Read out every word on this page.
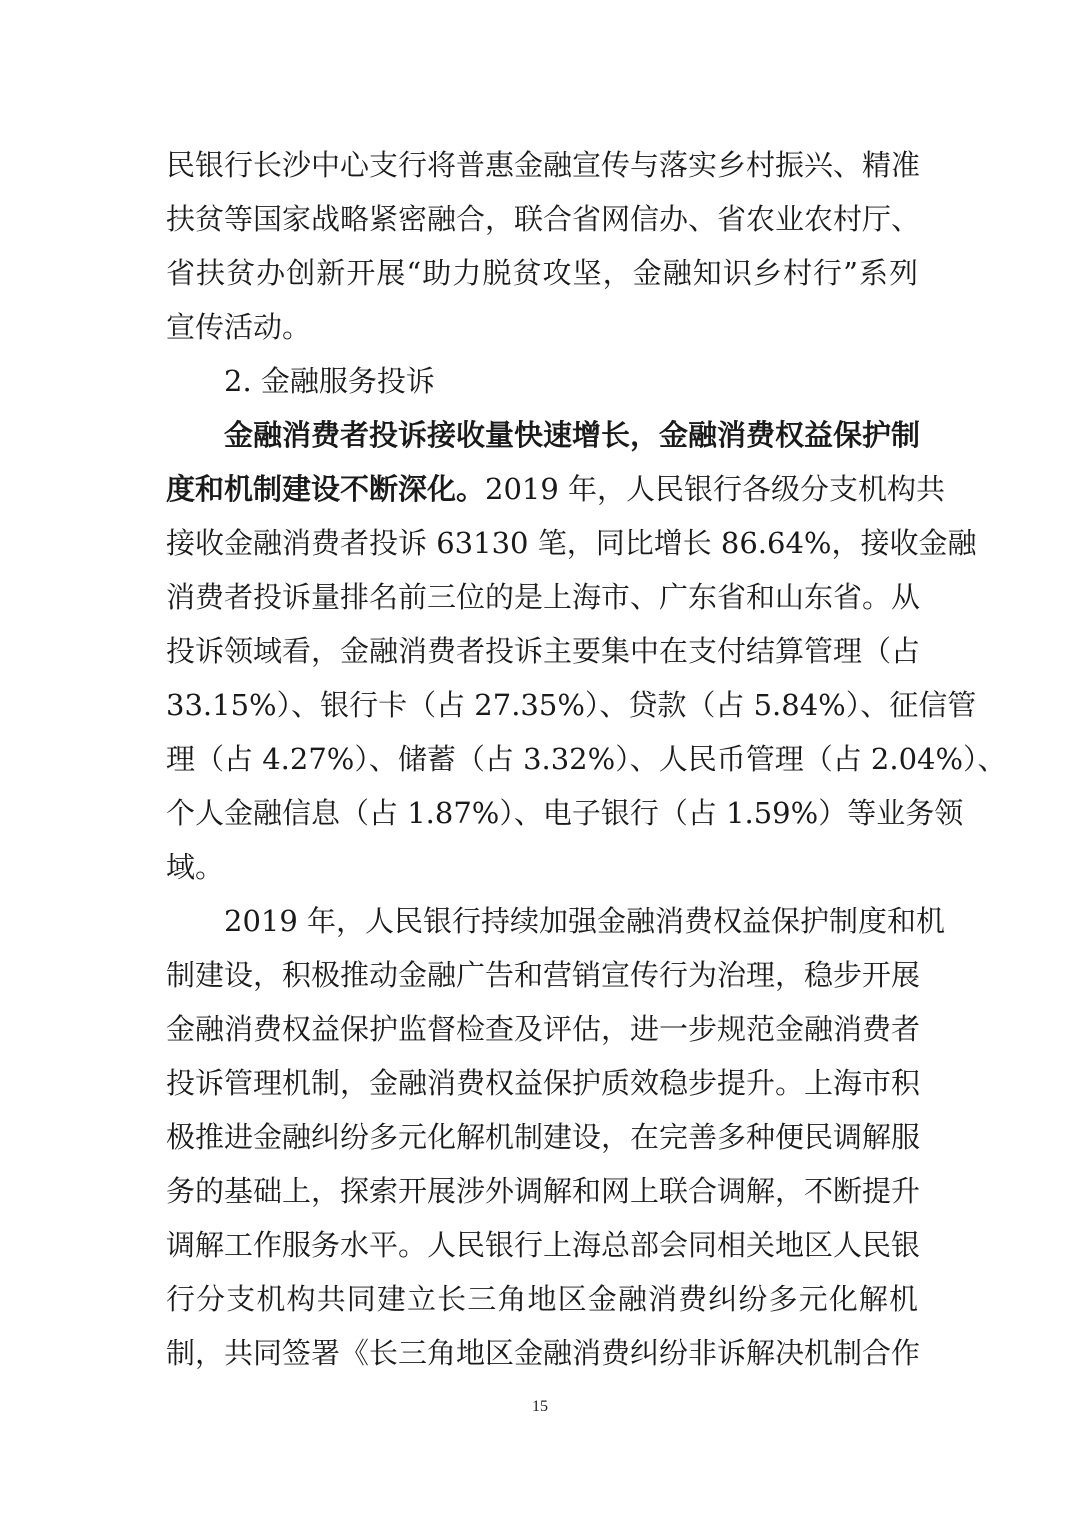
民银行长沙中心支行将普惠金融宣传与落实乡村振兴、精准
扶贫等国家战略紧密融合，联合省网信办、省农业农村厅、
省扶贫办创新开展“助力脱贫攻坚，金融知识乡村行”系列
宣传活动。
2. 金融服务投诉
金融消费者投诉接收量快速增长，金融消费权益保护制
度和机制建设不断深化。2019 年，人民银行各级分支机构共
接收金融消费者投诉 63130 笔，同比增长 86.64%，接收金融
消费者投诉量排名前三位的是上海市、广东省和山东省。从
投诉领域看，金融消费者投诉主要集中在支付结算管理（占
33.15%）、银行卡（占 27.35%）、贷款（占 5.84%）、征信管
理（占 4.27%）、储蓄（占 3.32%）、人民币管理（占 2.04%）、
个人金融信息（占 1.87%）、电子银行（占 1.59%）等业务领
域。
2019 年，人民银行持续加强金融消费权益保护制度和机
制建设，积极推动金融广告和营销宣传行为治理，稳步开展
金融消费权益保护监督检查及评估，进一步规范金融消费者
投诉管理机制，金融消费权益保护质效稳步提升。上海市积
极推进金融纠纷多元化解机制建设，在完善多种便民调解服
务的基础上，探索开展涉外调解和网上联合调解，不断提升
调解工作服务水平。人民银行上海总部会同相关地区人民银
行分支机构共同建立长三角地区金融消费纠纷多元化解机
制，共同签署《长三角地区金融消费纠纷非诉解决机制合作
15
